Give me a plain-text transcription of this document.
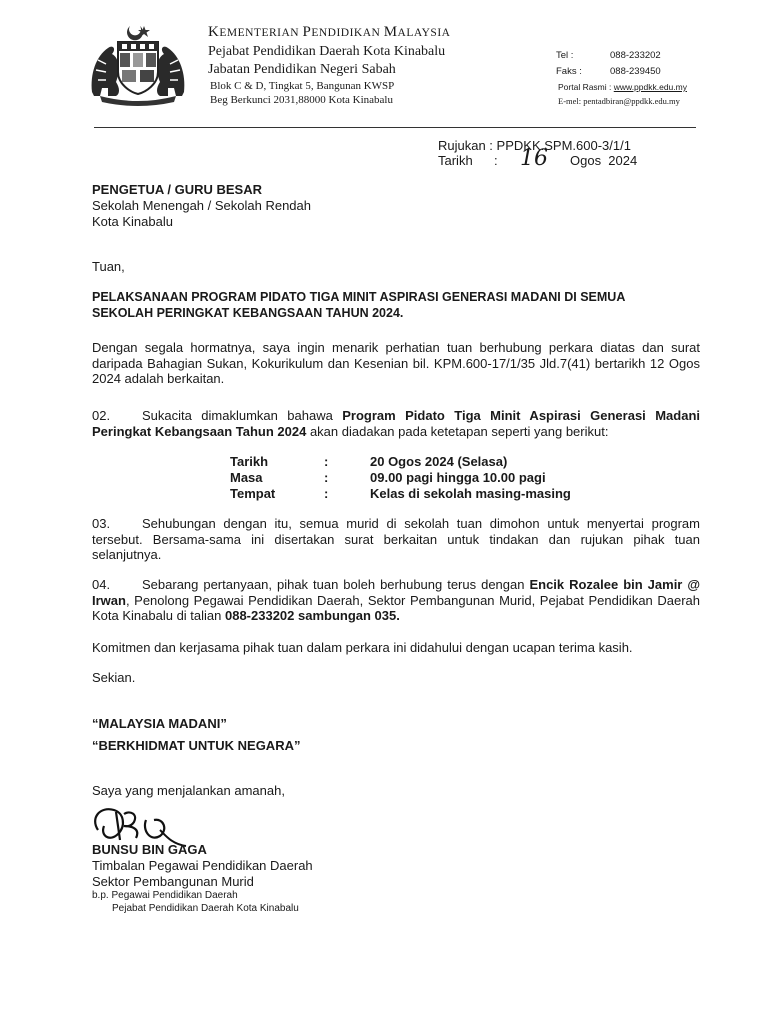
KEMENTERIAN PENDIDIKAN MALAYSIA
Pejabat Pendidikan Daerah Kota Kinabalu
Jabatan Pendidikan Negeri Sabah
Blok C & D, Tingkat 5, Bangunan KWSP
Beg Berkunci 2031,88000 Kota Kinabalu
Tel :	088-233202
Faks :	088-239450
Portal Rasmi : www.ppdkk.edu.my
E-mel: pentadbiran@ppdkk.edu.my
Rujukan : PPDKK.SPM.600-3/1/1
Tarikh : 16 Ogos  2024
PENGETUA / GURU BESAR
Sekolah Menengah / Sekolah Rendah
Kota Kinabalu
Tuan,
PELAKSANAAN PROGRAM PIDATO TIGA MINIT ASPIRASI GENERASI MADANI DI SEMUA
SEKOLAH PERINGKAT KEBANGSAAN TAHUN 2024.
Dengan segala hormatnya, saya ingin menarik perhatian tuan berhubung perkara diatas dan surat daripada Bahagian Sukan, Kokurikulum dan Kesenian bil. KPM.600-17/1/35 Jld.7(41) bertarikh 12 Ogos 2024 adalah berkaitan.
02. Sukacita dimaklumkan bahawa Program Pidato Tiga Minit Aspirasi Generasi Madani Peringkat Kebangsaan Tahun 2024 akan diadakan pada ketetapan seperti yang berikut:
Tarikh	:	20 Ogos 2024 (Selasa)
Masa	:	09.00 pagi hingga 10.00 pagi
Tempat	:	Kelas di sekolah masing-masing
03. Sehubungan dengan itu, semua murid di sekolah tuan dimohon untuk menyertai program tersebut. Bersama-sama ini disertakan surat berkaitan untuk tindakan dan rujukan pihak tuan selanjutnya.
04. Sebarang pertanyaan, pihak tuan boleh berhubung terus dengan Encik Rozalee bin Jamir @ Irwan, Penolong Pegawai Pendidikan Daerah, Sektor Pembangunan Murid, Pejabat Pendidikan Daerah Kota Kinabalu di talian 088-233202 sambungan 035.
Komitmen dan kerjasama pihak tuan dalam perkara ini didahului dengan ucapan terima kasih.
Sekian.
“MALAYSIA MADANI”
“BERKHIDMAT UNTUK NEGARA”
Saya yang menjalankan amanah,
BUNSU BIN GAGA
Timbalan Pegawai Pendidikan Daerah
Sektor Pembangunan Murid
b.p. Pegawai Pendidikan Daerah
Pejabat Pendidikan Daerah Kota Kinabalu
